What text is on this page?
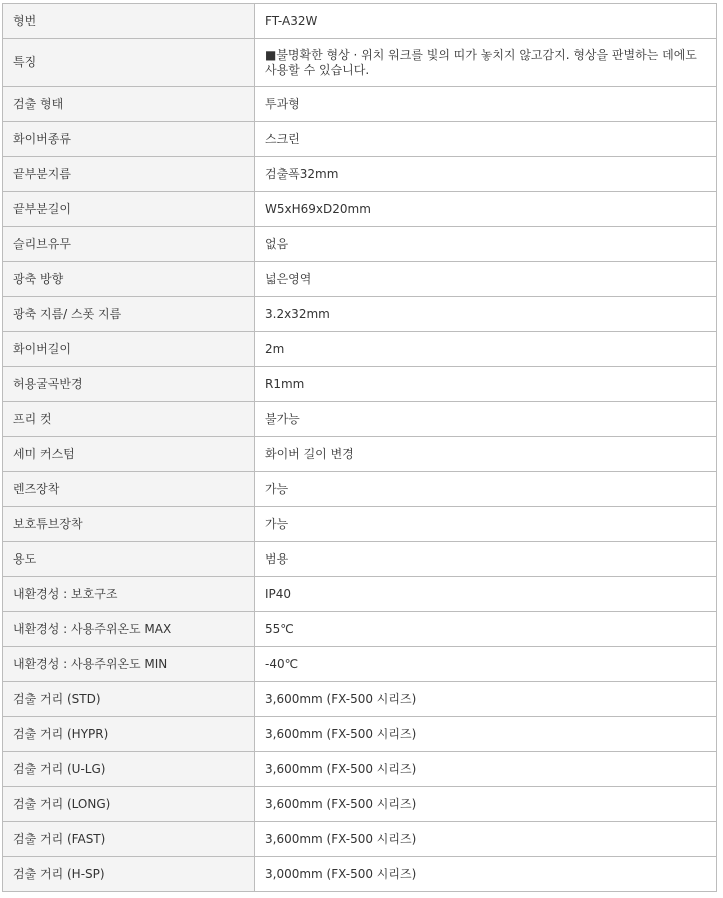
형번	FT-A32W
특징	■불명확한 형상 · 위치 워크를 빛의 띠가 놓치지 않고감지. 형상을 판별하는 데에도 사용할 수 있습니다.
검출 형태	투과형
화이버종류	스크린
끝부분지름	검출폭32mm
끝부분길이	W5xH69xD20mm
슬리브유무	없음
광축 방향	넓은영역
광축 지름/ 스폿 지름	3.2x32mm
화이버길이	2m
허용굴곡반경	R1mm
프리 컷	불가능
세미 커스텀	화이버 길이 변경
렌즈장착	가능
보호튜브장착	가능
용도	범용
내환경성 : 보호구조	IP40
내환경성 : 사용주위온도 MAX	55℃
내환경성 : 사용주위온도 MIN	-40℃
검출 거리 (STD)	3,600mm (FX-500 시리즈)
검출 거리 (HYPR)	3,600mm (FX-500 시리즈)
검출 거리 (U-LG)	3,600mm (FX-500 시리즈)
검출 거리 (LONG)	3,600mm (FX-500 시리즈)
검출 거리 (FAST)	3,600mm (FX-500 시리즈)
검출 거리 (H-SP)	3,000mm (FX-500 시리즈)
